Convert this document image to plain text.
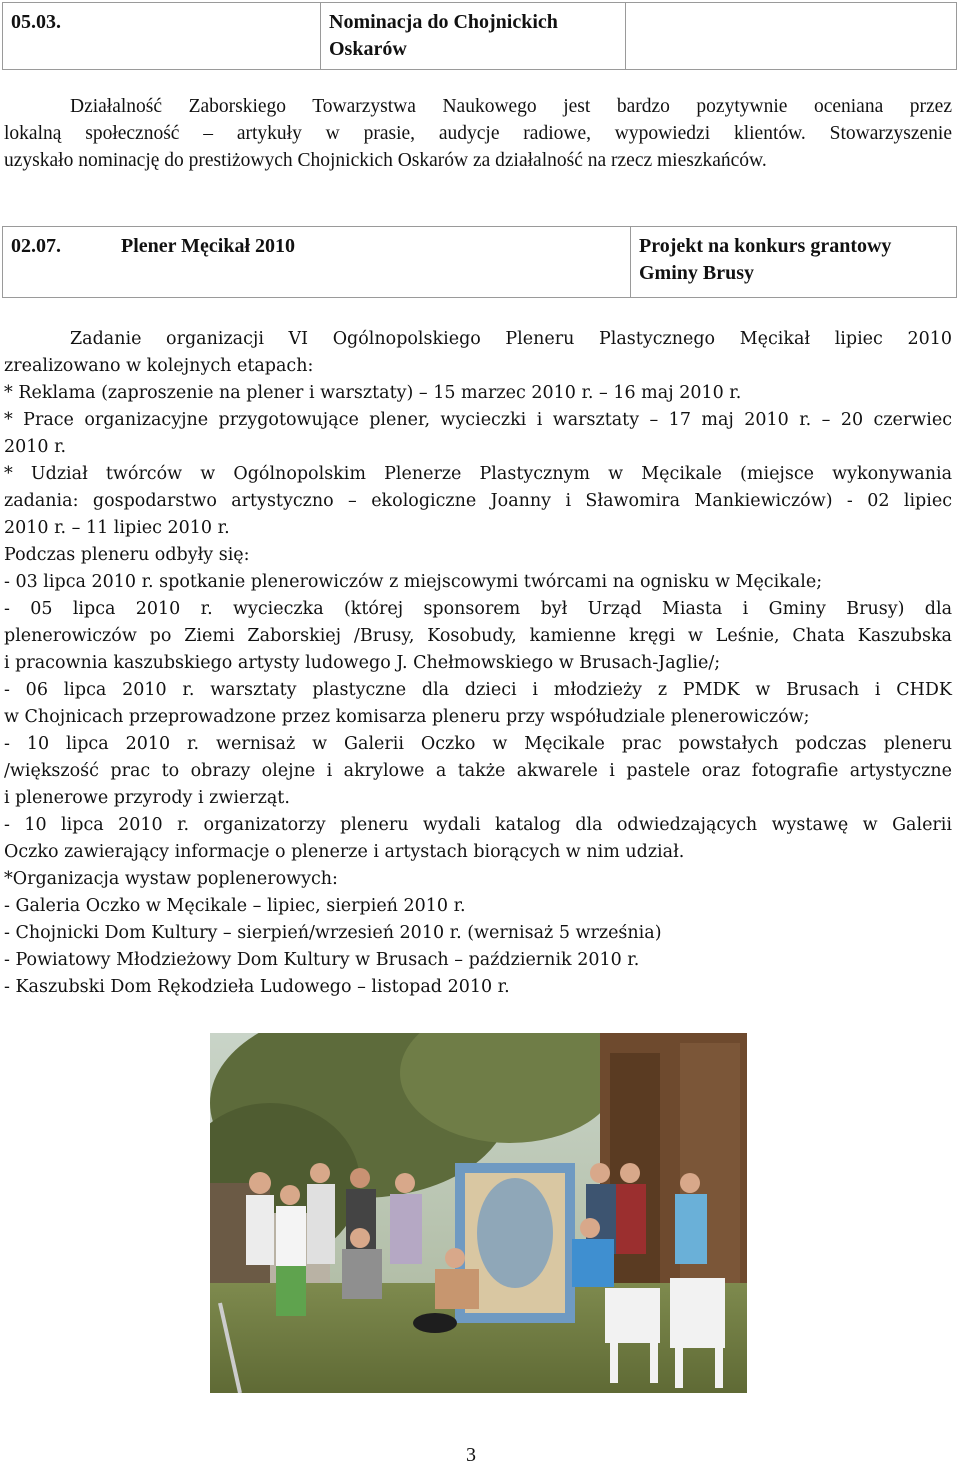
05.03.	Nominacja do Chojnickich
Oskarów	
Działalność Zaborskiego Towarzystwa Naukowego jest bardzo pozytywnie oceniana przez
lokalną społeczność – artykuły w prasie, audycje radiowe, wypowiedzi klientów. Stowarzyszenie
uzyskało nominację do prestiżowych Chojnickich Oskarów za działalność na rzecz mieszkańców.
02.07.	Plener Męcikał 2010	Projekt na konkurs grantowy
Gminy Brusy
Zadanie organizacji VI Ogólnopolskiego Pleneru Plastycznego Męcikał lipiec 2010
zrealizowano w kolejnych etapach:
* Reklama (zaproszenie na plener i warsztaty) – 15 marzec 2010 r. – 16 maj 2010 r.
* Prace organizacyjne przygotowujące plener, wycieczki i warsztaty – 17 maj 2010 r. – 20 czerwiec
2010 r.
* Udział twórców w Ogólnopolskim Plenerze Plastycznym w Męcikale (miejsce wykonywania
zadania: gospodarstwo artystyczno – ekologiczne Joanny i Sławomira Mankiewiczów) - 02 lipiec
2010 r. – 11 lipiec 2010 r.
Podczas pleneru odbyły się:
- 03 lipca 2010 r. spotkanie plenerowiczów z miejscowymi twórcami na ognisku w Męcikale;
- 05 lipca 2010 r. wycieczka (której sponsorem był Urząd Miasta i Gminy Brusy) dla
plenerowiczów po Ziemi Zaborskiej /Brusy, Kosobudy, kamienne kręgi w Leśnie, Chata Kaszubska
i pracownia kaszubskiego artysty ludowego J. Chełmowskiego w Brusach-Jaglie/;
- 06 lipca 2010 r. warsztaty plastyczne dla dzieci i młodzieży z PMDK w Brusach i CHDK
w Chojnicach przeprowadzone przez komisarza pleneru przy współudziale plenerowiczów;
- 10 lipca 2010 r. wernisaż w Galerii Oczko w Męcikale prac powstałych podczas pleneru
/większość prac to obrazy olejne i akrylowe a także akwarele i pastele oraz fotografie artystyczne
i plenerowe przyrody i zwierząt.
- 10 lipca 2010 r. organizatorzy pleneru wydali katalog dla odwiedzających wystawę w Galerii
Oczko zawierający informacje o plenerze i artystach biorących w nim udział.
*Organizacja wystaw poplenerowych:
- Galeria Oczko w Męcikale – lipiec, sierpień 2010 r.
- Chojnicki Dom Kultury – sierpień/wrzesień 2010 r. (wernisaż 5 września)
- Powiatowy Młodzieżowy Dom Kultury w Brusach – październik 2010 r.
- Kaszubski Dom Rękodzieła Ludowego – listopad 2010 r.
3
